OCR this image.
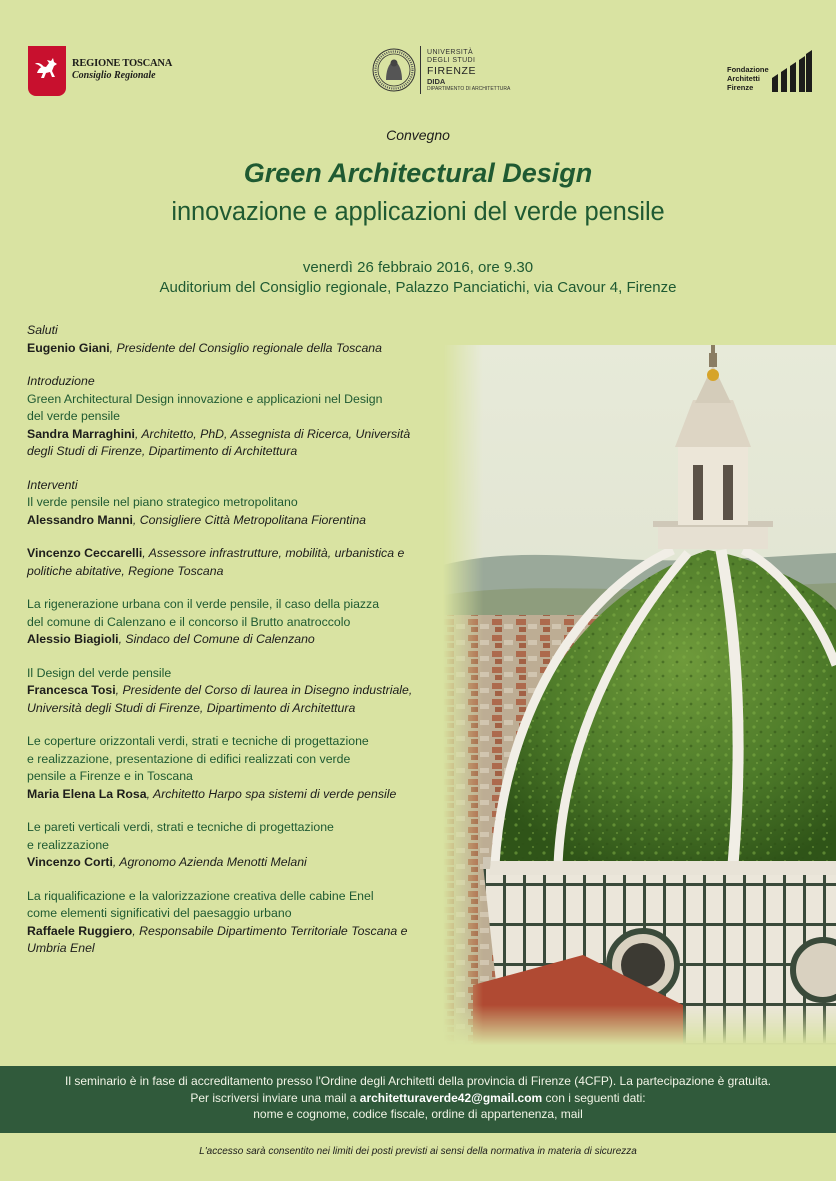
REGIONE TOSCANA
Consiglio Regionale
UNIVERSITÀ
DEGLI STUDI
FIRENZE
DIDA
DIPARTIMENTO DI ARCHITETTURA
Fondazione
Architetti
Firenze
Convegno
Green Architectural Design
innovazione e applicazioni del verde pensile
venerdì 26 febbraio 2016, ore 9.30
Auditorium del Consiglio regionale, Palazzo Panciatichi, via Cavour 4, Firenze
Saluti
Eugenio Giani, Presidente del Consiglio regionale della Toscana
Introduzione
Green Architectural Design innovazione e applicazioni nel Design
del verde pensile
Sandra Marraghini, Architetto, PhD, Assegnista di Ricerca, Università degli Studi di Firenze, Dipartimento di Architettura
Interventi
Il verde pensile nel piano strategico metropolitano
Alessandro Manni, Consigliere Città Metropolitana Fiorentina
Vincenzo Ceccarelli, Assessore infrastrutture, mobilità, urbanistica e politiche abitative, Regione Toscana
La rigenerazione urbana con il verde pensile, il caso della piazza
del comune di Calenzano e il concorso il Brutto anatroccolo
Alessio Biagioli, Sindaco del Comune di Calenzano
Il Design del verde pensile
Francesca Tosi, Presidente del Corso di laurea in Disegno industriale, Università degli Studi di Firenze, Dipartimento di Architettura
Le coperture orizzontali verdi, strati e tecniche di progettazione
e realizzazione, presentazione di edifici realizzati con verde
pensile a Firenze e in Toscana
Maria Elena La Rosa, Architetto Harpo spa sistemi di verde pensile
Le pareti verticali verdi, strati e tecniche di progettazione
e realizzazione
Vincenzo Corti, Agronomo Azienda Menotti Melani
La riqualificazione e la valorizzazione creativa delle cabine Enel
come elementi significativi del paesaggio urbano
Raffaele Ruggiero, Responsabile Dipartimento Territoriale Toscana e Umbria Enel
Il seminario è in fase di accreditamento presso l'Ordine degli Architetti della provincia di Firenze (4CFP). La partecipazione è gratuita.
Per iscriversi inviare una mail a architetturaverde42@gmail.com con i seguenti dati:
nome e cognome, codice fiscale, ordine di appartenenza, mail
L'accesso sarà consentito nei limiti dei posti previsti ai sensi della normativa in materia di sicurezza
